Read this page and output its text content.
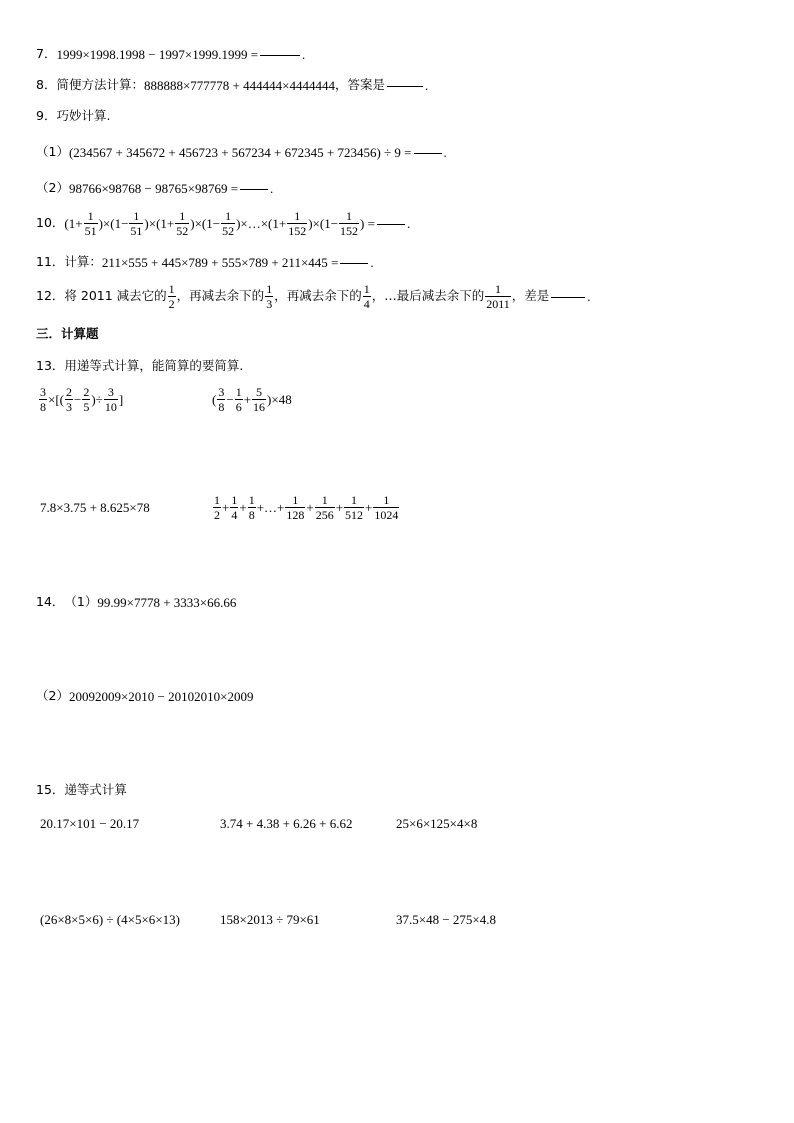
7． 1999×1998.1998 − 1997×1999.1999 =	.
8． 简便方法计算： 888888×777778 + 444444×4444444 ，答案是	.
9． 巧妙计算.
（1） (234567 + 345672 + 456723 + 567234 + 672345 + 723456) ÷ 9 = .
（2） 98766×98768 − 98765×98769 = .
10． $(1+ \frac{1}{51} )\times(1- \frac{1}{51} )\times(1+ \frac{1}{52} )\times(1- \frac{1}{52}$ )×…×(1+ $\frac{1}{152} )\times(1- \frac{1}{152}$ ) = .
11． 计算： 211×555 + 445×789 + 555×789 + 211×445 = .
12． 将 2011 减去它的 $\frac{1}{2}$ ，再减去余下的 $\frac{1}{3}$ ，再减去余下的 $\frac{1}{4}$ ，…最后减去余下的 $\frac{1}{2011}$ ，差是	.
三．计算题
13． 用递等式计算，能简算的要简算.
$\frac{3}{8}$ ×[( $\frac{2}{3} - \frac{2}{5}$ )÷ $\frac{3}{10}$ ]	( $\frac{3}{8} - \frac{1}{6} + \frac{5}{16} )\times 48$
7.8×3.75 + 8.625×78	$\frac{1}{2} + \frac{1}{4} + \frac{1}{8}$ +…+ $\frac{1}{128} + \frac{1}{256} + \frac{1}{512} + \frac{1}{1024}$
14． （1） 99.99×7778 + 3333×66.66
（2） 20092009×2010 − 20102010×2009
15． 递等式计算
20.17×101 − 20.17	3.74 + 4.38 + 6.26 + 6.62	25×6×125×4×8
(26×8×5×6) ÷ (4×5×6×13)	158×2013 ÷ 79×61	37.5×48 − 275×4.8
